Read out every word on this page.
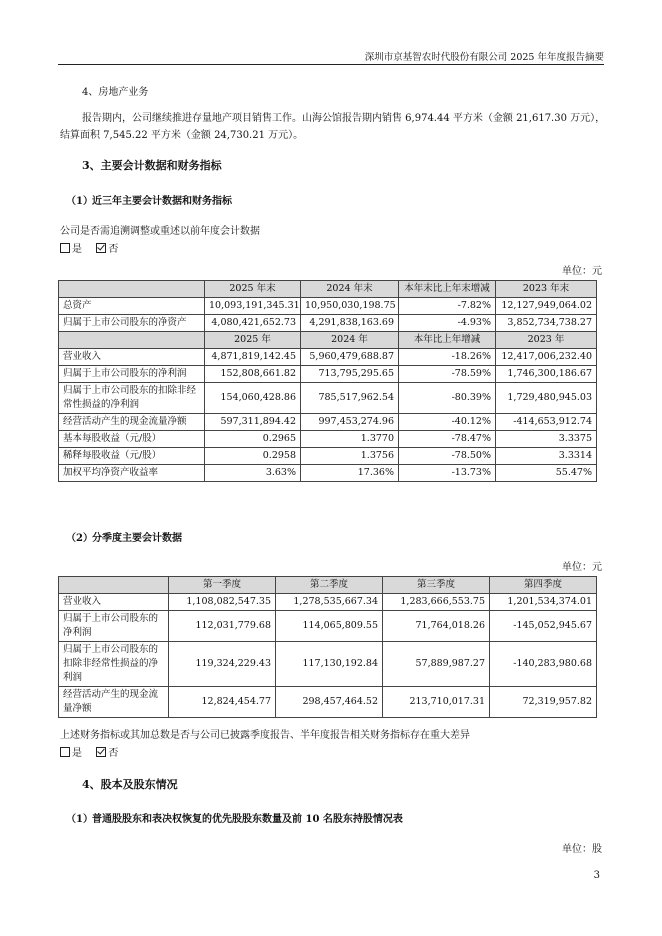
深圳市京基智农时代股份有限公司 2025 年年度报告摘要
4、房地产业务
报告期内，公司继续推进存量地产项目销售工作。山海公馆报告期内销售 6,974.44 平方米（金额 21,617.30 万元），
结算面积 7,545.22 平方米（金额 24,730.21 万元）。
3、主要会计数据和财务指标
（1） 近三年主要会计数据和财务指标
公司是否需追溯调整或重述以前年度会计数据
是	否
单位：元
	2025 年末	2024 年末	本年末比上年末增减	2023 年末
总资产	10,093,191,345.31	10,950,030,198.75	-7.82%	12,127,949,064.02
归属于上市公司股东的净资产	4,080,421,652.73	4,291,838,163.69	-4.93%	3,852,734,738.27
	2025 年	2024 年	本年比上年增减	2023 年
营业收入	4,871,819,142.45	5,960,479,688.87	-18.26%	12,417,006,232.40
归属于上市公司股东的净利润	152,808,661.82	713,795,295.65	-78.59%	1,746,300,186.67
归属于上市公司股东的扣除非经常性损益的净利润	154,060,428.86	785,517,962.54	-80.39%	1,729,480,945.03
经营活动产生的现金流量净额	597,311,894.42	997,453,274.96	-40.12%	-414,653,912.74
基本每股收益（元/股）	0.2965	1.3770	-78.47%	3.3375
稀释每股收益（元/股）	0.2958	1.3756	-78.50%	3.3314
加权平均净资产收益率	3.63%	17.36%	-13.73%	55.47%
（2） 分季度主要会计数据
单位：元
	第一季度	第二季度	第三季度	第四季度
营业收入	1,108,082,547.35	1,278,535,667.34	1,283,666,553.75	1,201,534,374.01
归属于上市公司股东的净利润	112,031,779.68	114,065,809.55	71,764,018.26	-145,052,945.67
归属于上市公司股东的扣除非经常性损益的净利润	119,324,229.43	117,130,192.84	57,889,987.27	-140,283,980.68
经营活动产生的现金流量净额	12,824,454.77	298,457,464.52	213,710,017.31	72,319,957.82
上述财务指标或其加总数是否与公司已披露季度报告、半年度报告相关财务指标存在重大差异
是	否
4、股本及股东情况
（1） 普通股股东和表决权恢复的优先股股东数量及前 10 名股东持股情况表
单位：股
3
